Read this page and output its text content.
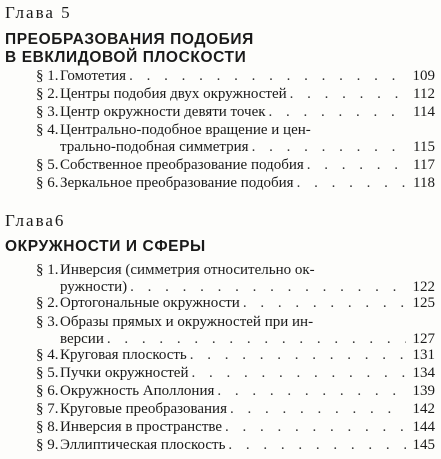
Глава 5
ПРЕОБРАЗОВАНИЯ ПОДОБИЯ
В ЕВКЛИДОВОЙ ПЛОСКОСТИ
§ 1. Гомотетия . . .	109
§ 2. Центры подобия двух окружностей . . .	112
§ 3. Центр окружности девяти точек . . .	114
§ 4. Центрально-подобное вращение и цен-
трально-подобная симметрия . . .	115
§ 5. Собственное преобразование подобия . . .	117
§ 6. Зеркальное преобразование подобия . . .	118
Глава6
ОКРУЖНОСТИ И СФЕРЫ
§ 1. Инверсия (симметрия относительно ок-
ружности) . . .	122
§ 2. Ортогональные окружности . . .	125
§ 3. Образы прямых и окружностей при ин-
версии . . .	127
§ 4. Круговая плоскость . . .	131
§ 5. Пучки окружностей . . .	134
§ 6. Окружность Аполлония . . .	139
§ 7. Круговые преобразования . . .	142
§ 8. Инверсия в пространстве . . .	144
§ 9. Эллиптическая плоскость . . .	145
